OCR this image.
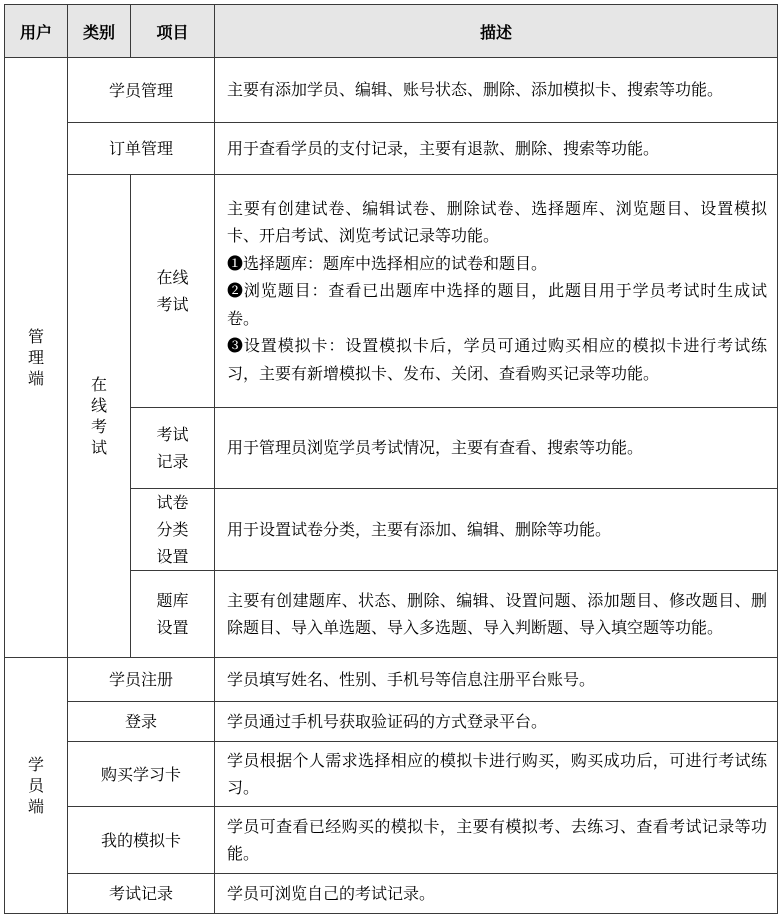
用户	类别	项目	描述
管理端	学员管理		主要有添加学员、编辑、账号状态、删除、添加模拟卡、搜索等功能。
	订单管理		用于查看学员的支付记录，主要有退款、删除、搜索等功能。
	在线考试	在线考试	主要有创建试卷、编辑试卷、删除试卷、选择题库、浏览题目、设置模拟卡、开启考试、浏览考试记录等功能。
❶选择题库：题库中选择相应的试卷和题目。
❷浏览题目：查看已出题库中选择的题目，此题目用于学员考试时生成试卷。
❸设置模拟卡：设置模拟卡后，学员可通过购买相应的模拟卡进行考试练习，主要有新增模拟卡、发布、关闭、查看购买记录等功能。

		考试记录	用于管理员浏览学员考试情况，主要有查看、搜索等功能。
		试卷分类设置	用于设置试卷分类，主要有添加、编辑、删除等功能。
		题库设置	主要有创建题库、状态、删除、编辑、设置问题、添加题目、修改题目、删除题目、导入单选题、导入多选题、导入判断题、导入填空题等功能。
学员端	学员注册		学员填写姓名、性别、手机号等信息注册平台账号。
	登录		学员通过手机号获取验证码的方式登录平台。
	购买学习卡		学员根据个人需求选择相应的模拟卡进行购买，购买成功后，可进行考试练习。
	我的模拟卡		学员可查看已经购买的模拟卡，主要有模拟考、去练习、查看考试记录等功能。
	考试记录		学员可浏览自己的考试记录。
